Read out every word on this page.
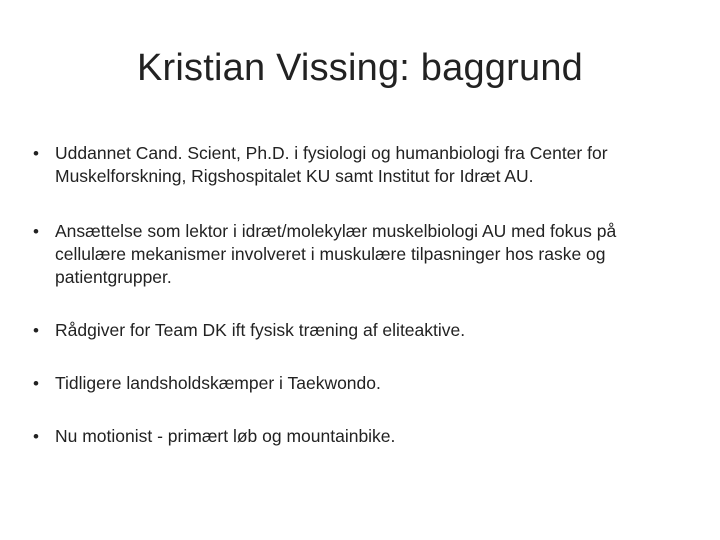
Kristian Vissing: baggrund
• Uddannet Cand. Scient, Ph.D. i fysiologi og humanbiologi fra Center for Muskelforskning, Rigshospitalet KU samt Institut for Idræt AU.
• Ansættelse som lektor i idræt/molekylær muskelbiologi AU med fokus på cellulære mekanismer involveret i muskulære tilpasninger hos raske og patientgrupper.
• Rådgiver for Team DK ift fysisk træning af eliteaktive.
• Tidligere landsholdskæmper i Taekwondo.
• Nu motionist - primært løb og mountainbike.
